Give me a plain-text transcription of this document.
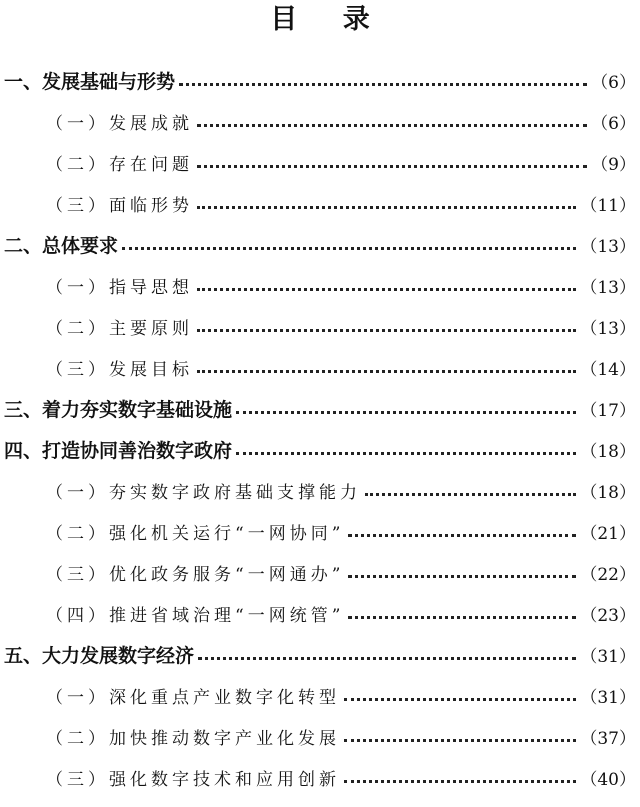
目 录
一、发展基础与形势	（6）
（一）发展成就	（6）
（二）存在问题	（9）
（三）面临形势	（11）
二、总体要求	（13）
（一）指导思想	（13）
（二）主要原则	（13）
（三）发展目标	（14）
三、着力夯实数字基础设施	（17）
四、打造协同善治数字政府	（18）
（一）夯实数字政府基础支撑能力	（18）
（二）强化机关运行“一网协同”	（21）
（三）优化政务服务“一网通办”	（22）
（四）推进省域治理“一网统管”	（23）
五、大力发展数字经济	（31）
（一）深化重点产业数字化转型	（31）
（二）加快推动数字产业化发展	（37）
（三）强化数字技术和应用创新	（40）
